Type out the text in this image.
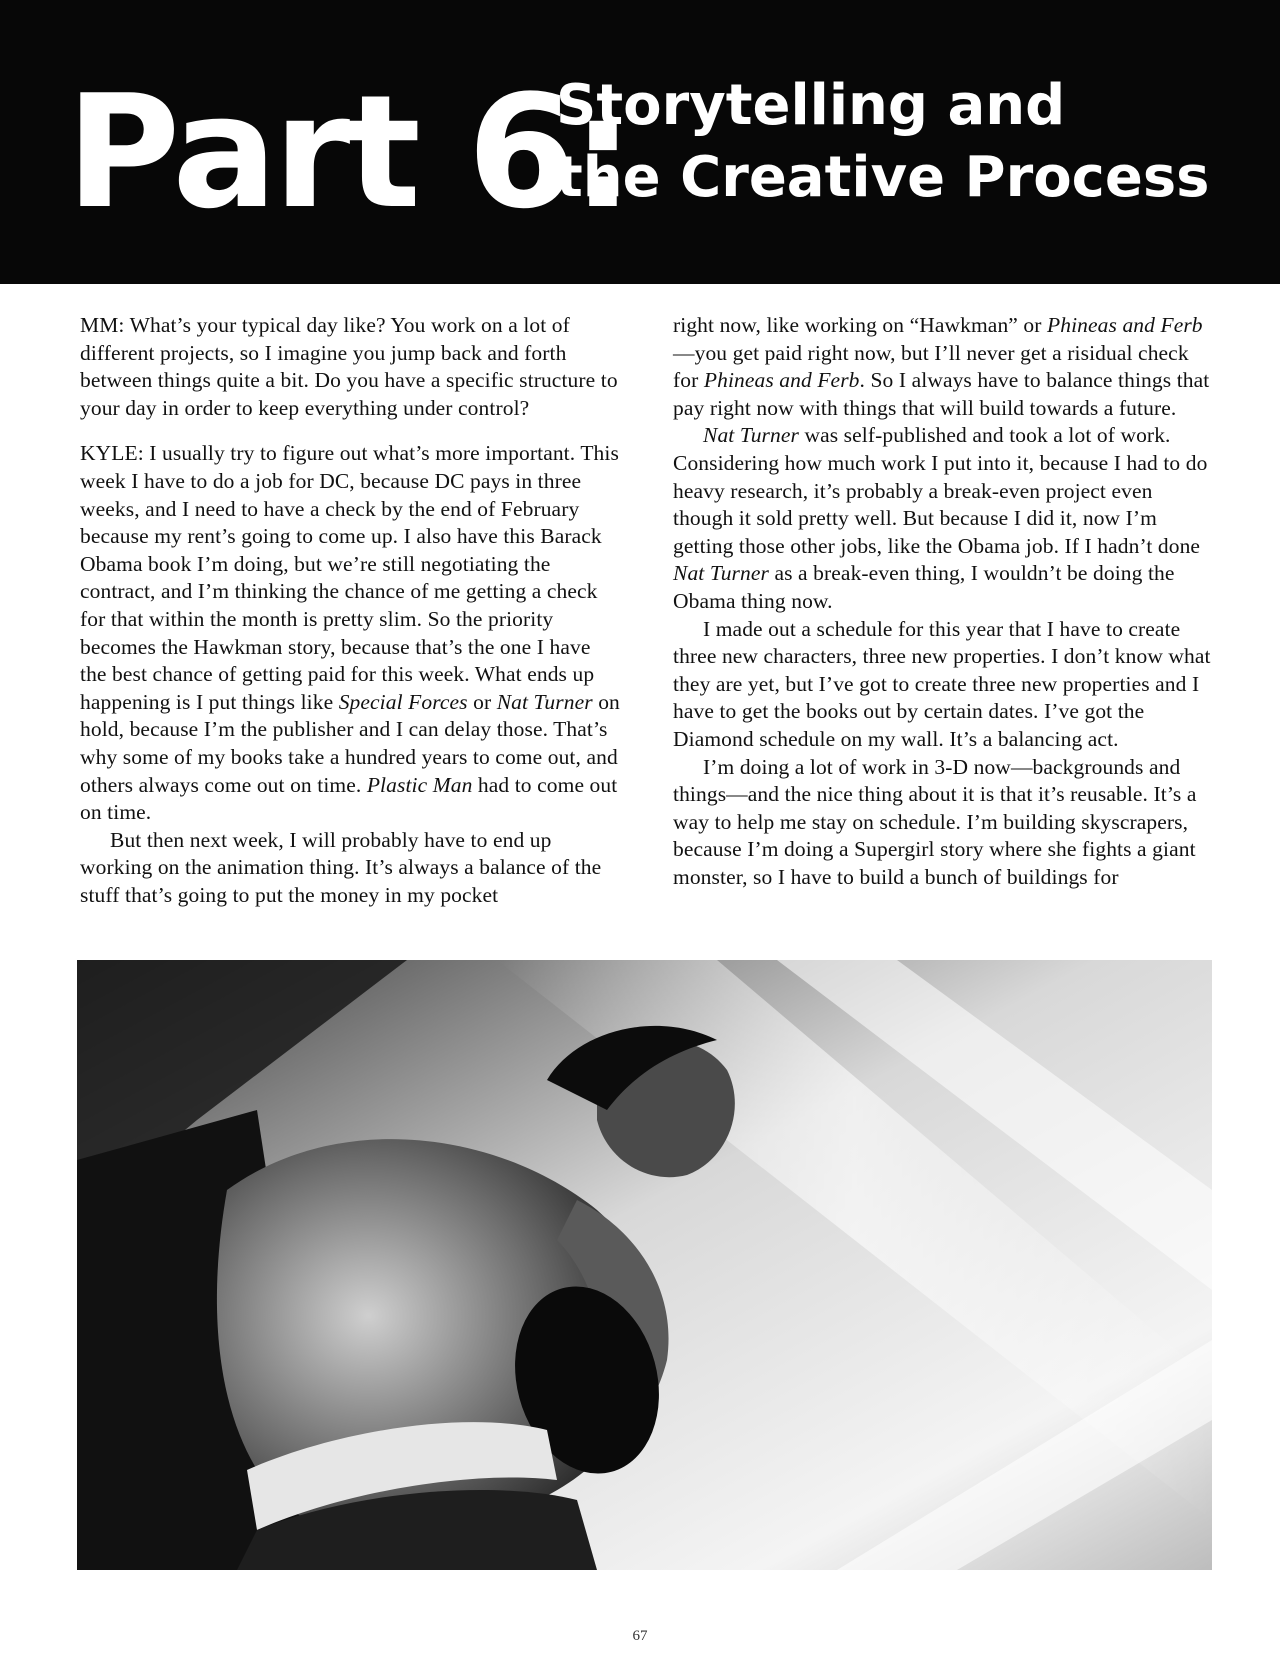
Part 6:
Storytelling and
the Creative Process

MM: What’s your typical day like? You work on a lot of different projects, so I imagine you jump back and forth between things quite a bit. Do you have a specific structure to your day in order to keep everything under control?

KYLE: I usually try to figure out what’s more important. This week I have to do a job for DC, because DC pays in three weeks, and I need to have a check by the end of February because my rent’s going to come up. I also have this Barack Obama book I’m doing, but we’re still negotiating the contract, and I’m thinking the chance of me getting a check for that within the month is pretty slim. So the priority becomes the Hawkman story, because that’s the one I have the best chance of getting paid for this week. What ends up happening is I put things like Special Forces or Nat Turner on hold, because I’m the publisher and I can delay those. That’s why some of my books take a hundred years to come out, and others always come out on time. Plastic Man had to come out on time.

But then next week, I will probably have to end up working on the animation thing. It’s always a balance of the stuff that’s going to put the money in my pocket

right now, like working on “Hawkman” or Phineas and Ferb—you get paid right now, but I’ll never get a risidual check for Phineas and Ferb. So I always have to balance things that pay right now with things that will build towards a future.

Nat Turner was self-published and took a lot of work. Considering how much work I put into it, because I had to do heavy research, it’s probably a break-even project even though it sold pretty well. But because I did it, now I’m getting those other jobs, like the Obama job. If I hadn’t done Nat Turner as a break-even thing, I wouldn’t be doing the Obama thing now.

I made out a schedule for this year that I have to create three new characters, three new properties. I don’t know what they are yet, but I’ve got to create three new properties and I have to get the books out by certain dates. I’ve got the Diamond schedule on my wall. It’s a balancing act.

I’m doing a lot of work in 3-D now—backgrounds and things—and the nice thing about it is that it’s reusable. It’s a way to help me stay on schedule. I’m building skyscrapers, because I’m doing a Supergirl story where she fights a giant monster, so I have to build a bunch of buildings for

67
